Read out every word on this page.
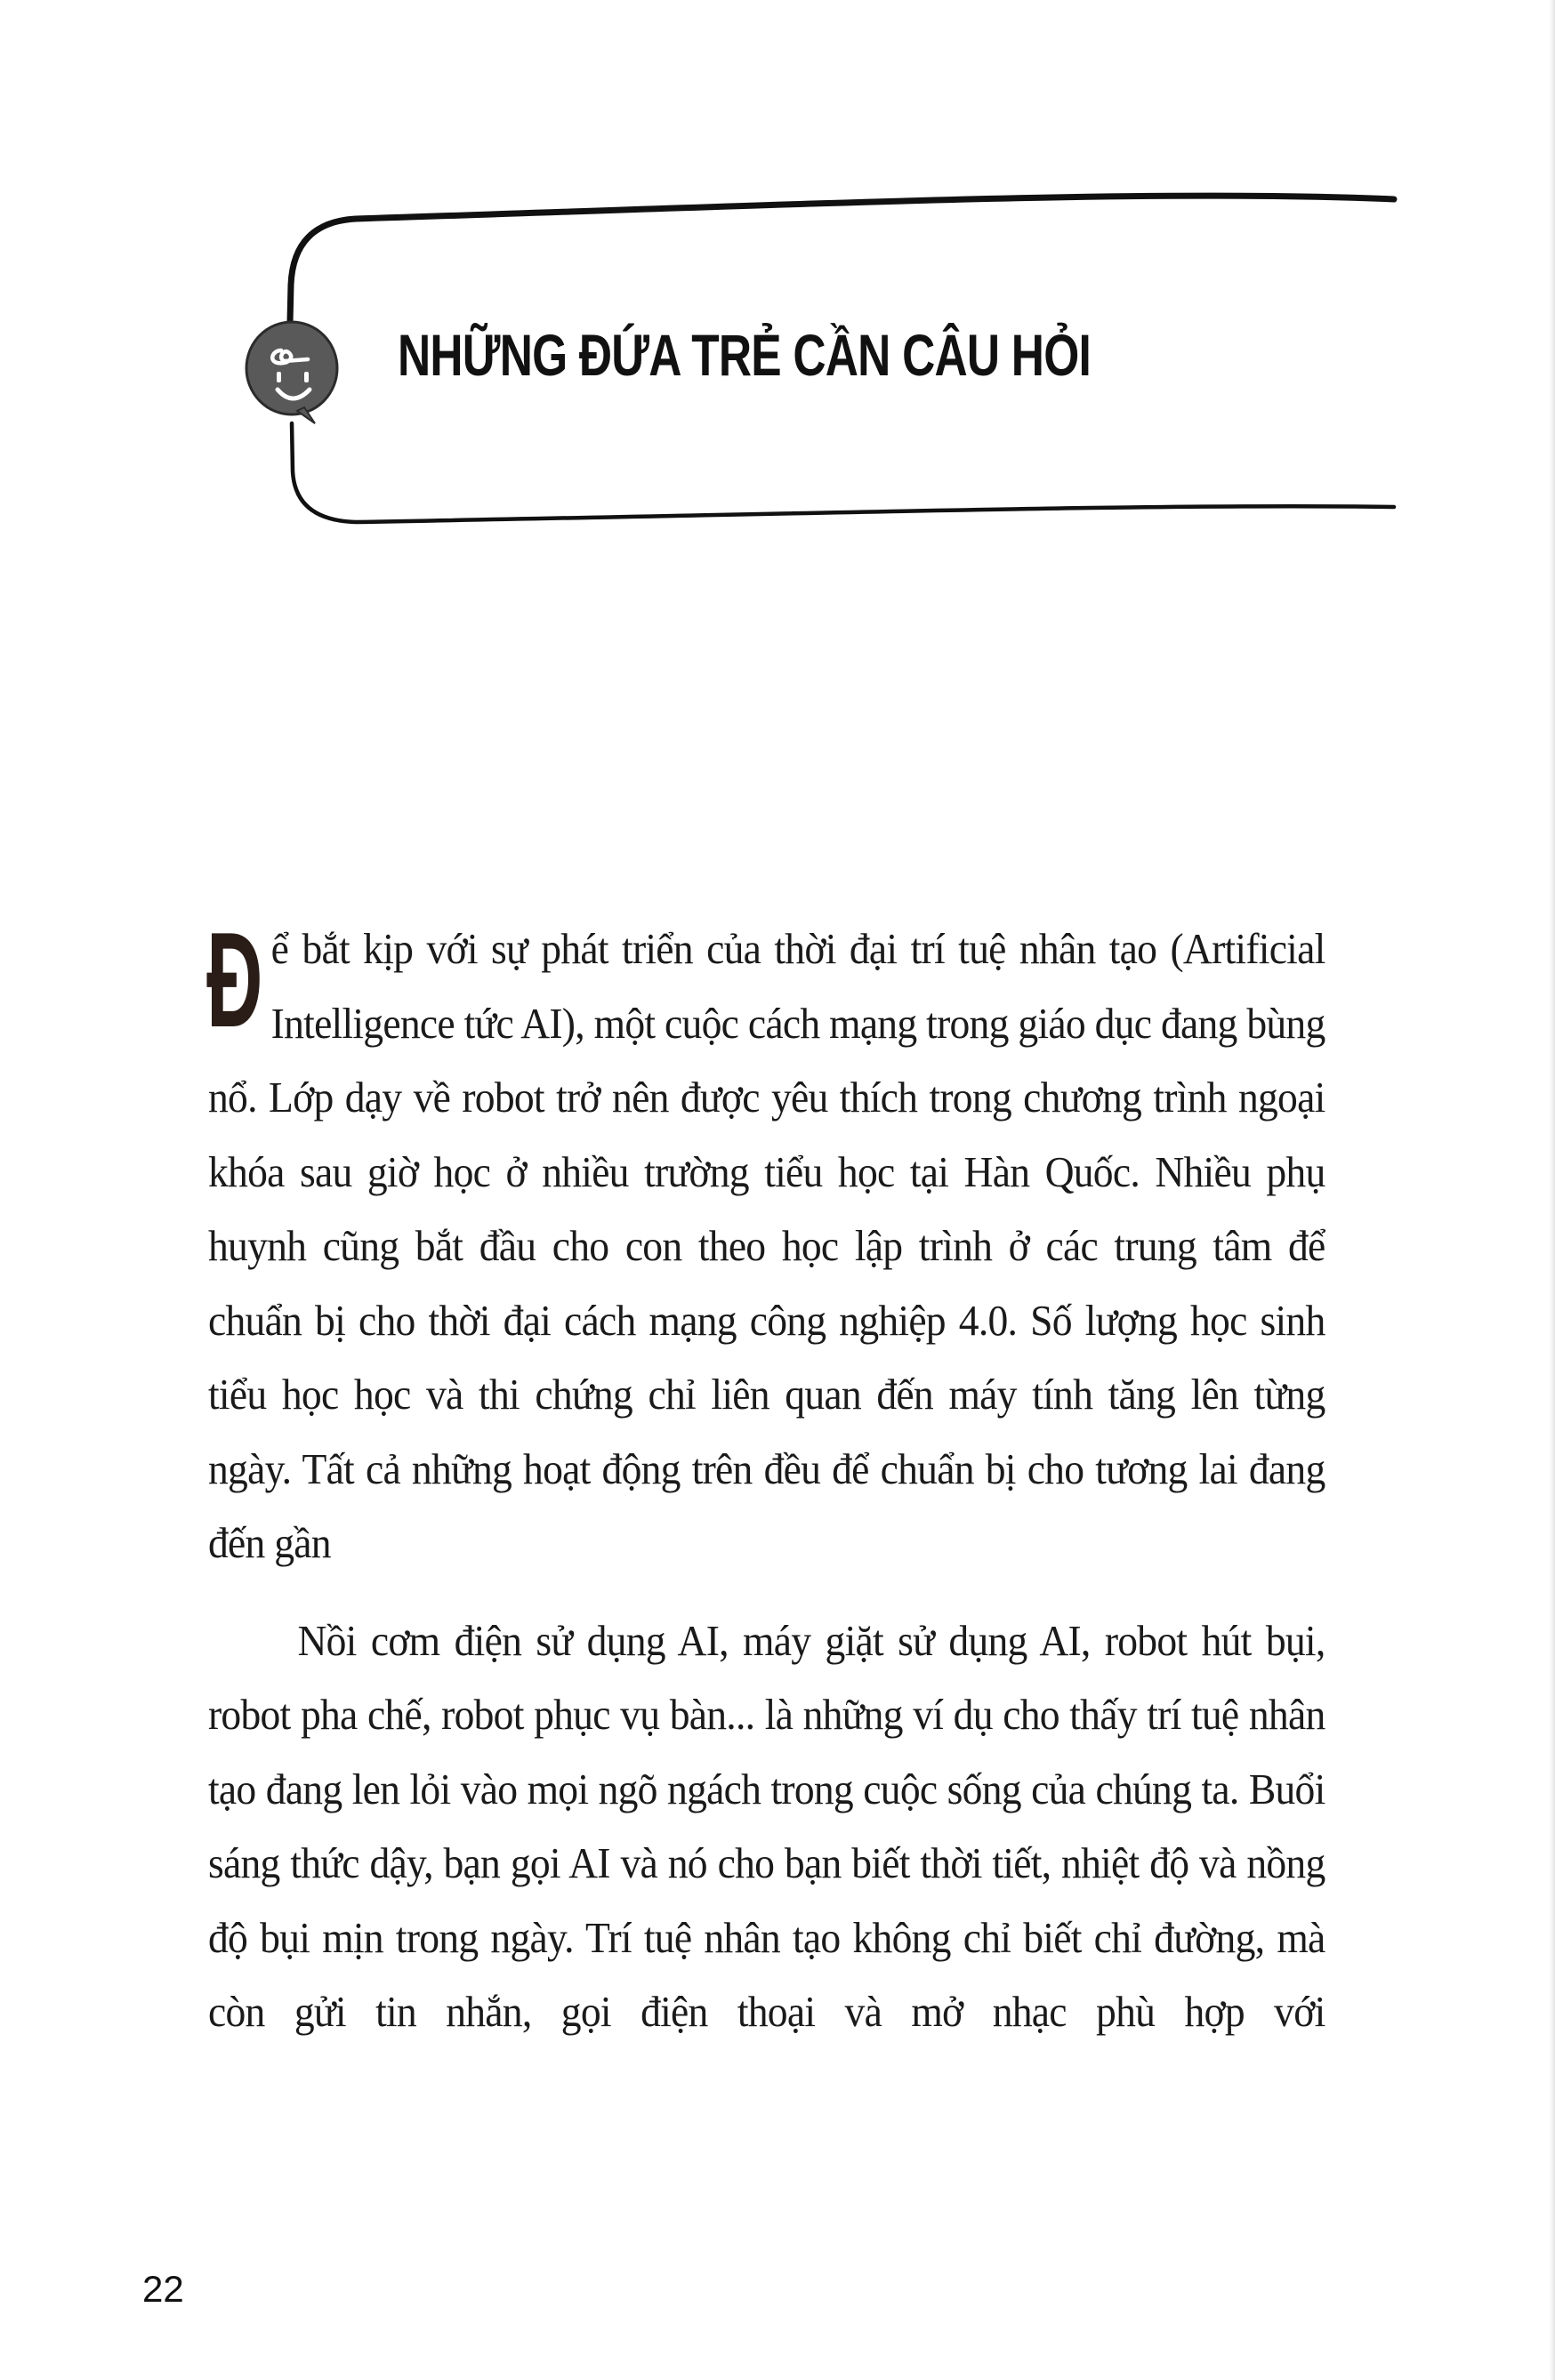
NHỮNG ĐỨA TRẺ CẦN CÂU HỎI

Để bắt kịp với sự phát triển của thời đại trí tuệ nhân tạo (Artificial Intelligence tức AI), một cuộc cách mạng trong giáo dục đang bùng nổ. Lớp dạy về robot trở nên được yêu thích trong chương trình ngoại khóa sau giờ học ở nhiều trường tiểu học tại Hàn Quốc. Nhiều phụ huynh cũng bắt đầu cho con theo học lập trình ở các trung tâm để chuẩn bị cho thời đại cách mạng công nghiệp 4.0. Số lượng học sinh tiểu học học và thi chứng chỉ liên quan đến máy tính tăng lên từng ngày. Tất cả những hoạt động trên đều để chuẩn bị cho tương lai đang đến gần

Nồi cơm điện sử dụng AI, máy giặt sử dụng AI, robot hút bụi, robot pha chế, robot phục vụ bàn... là những ví dụ cho thấy trí tuệ nhân tạo đang len lỏi vào mọi ngõ ngách trong cuộc sống của chúng ta. Buổi sáng thức dậy, bạn gọi AI và nó cho bạn biết thời tiết, nhiệt độ và nồng độ bụi mịn trong ngày. Trí tuệ nhân tạo không chỉ biết chỉ đường, mà còn gửi tin nhắn, gọi điện thoại và mở nhạc phù hợp với

22
